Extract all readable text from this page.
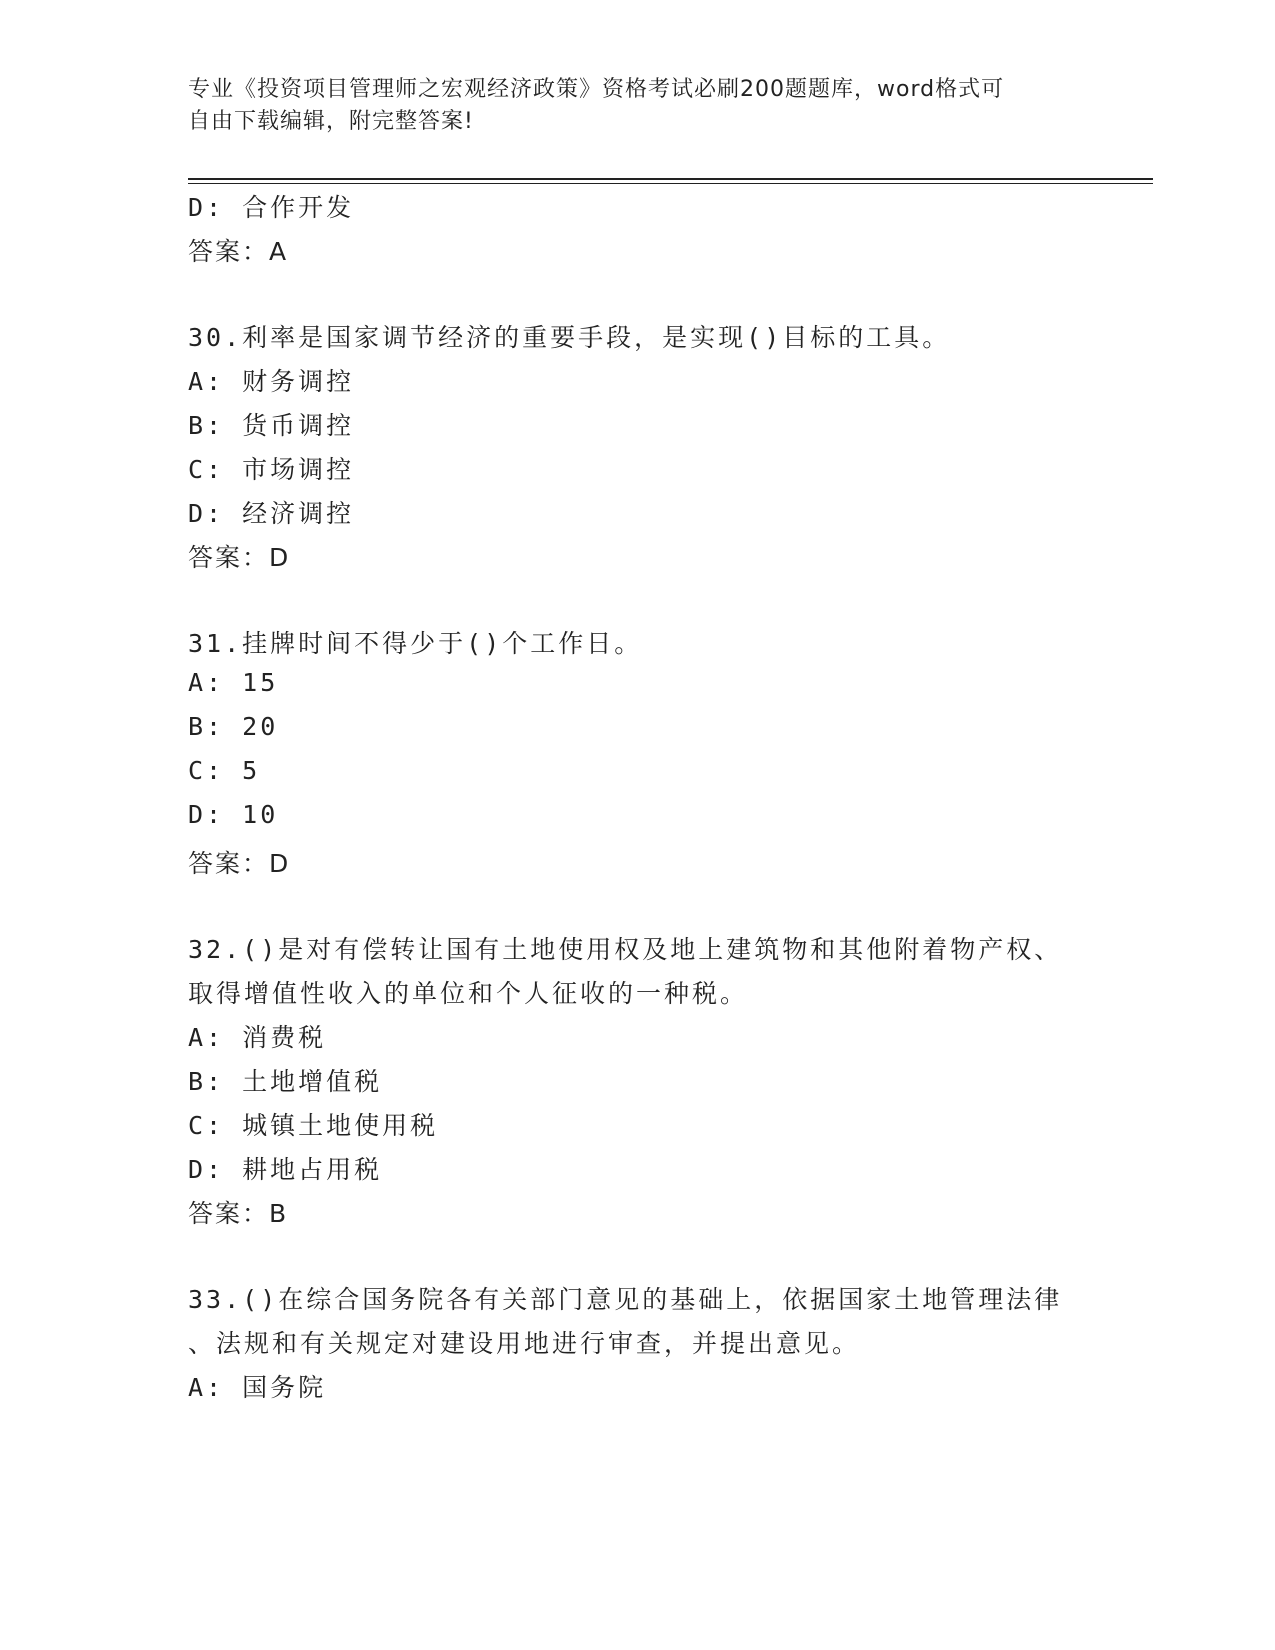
专业《投资项目管理师之宏观经济政策》资格考试必刷200题题库，word格式可
自由下载编辑，附完整答案!
D: 合作开发
答案：A
30.利率是国家调节经济的重要手段，是实现()目标的工具。
A: 财务调控
B: 货币调控
C: 市场调控
D: 经济调控
答案：D
31.挂牌时间不得少于()个工作日。
A: 15
B: 20
C: 5
D: 10
答案：D
32.()是对有偿转让国有土地使用权及地上建筑物和其他附着物产权、
取得增值性收入的单位和个人征收的一种税。
A: 消费税
B: 土地增值税
C: 城镇土地使用税
D: 耕地占用税
答案：B
33.()在综合国务院各有关部门意见的基础上，依据国家土地管理法律
、法规和有关规定对建设用地进行审查，并提出意见。
A: 国务院
